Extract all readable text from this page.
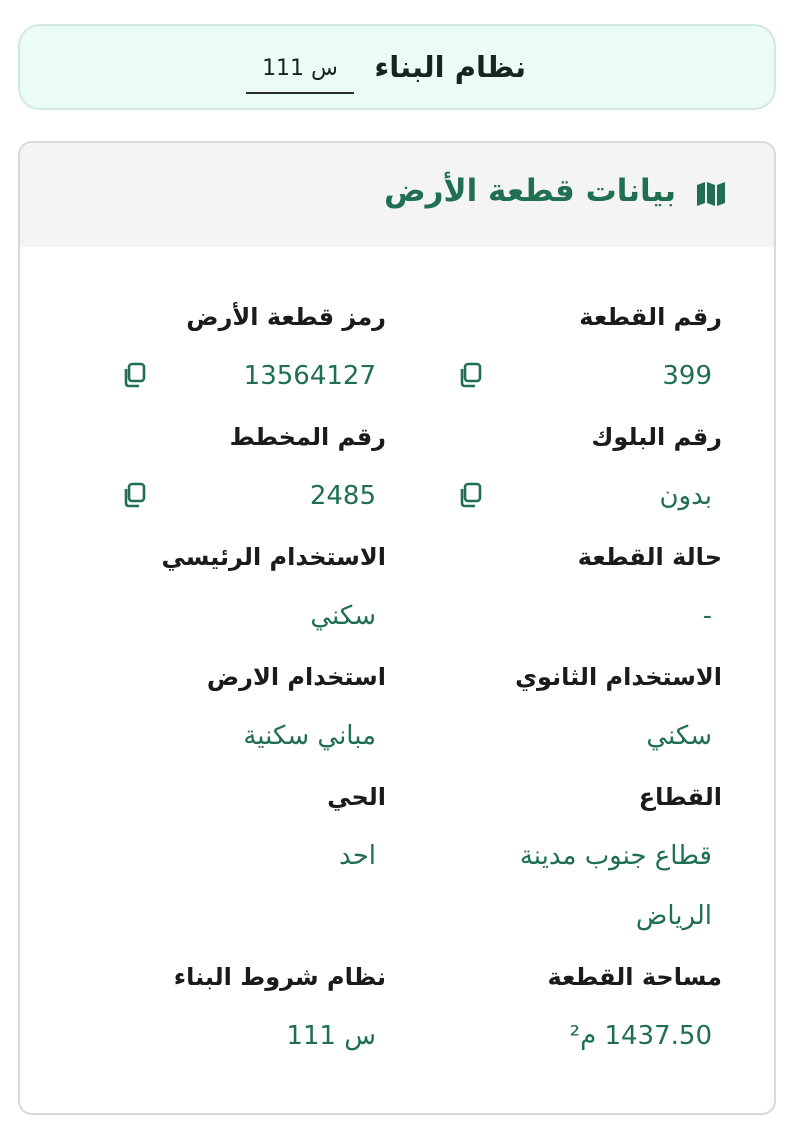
نظام البناء
س 111
بيانات قطعة الأرض
رقم القطعة
399
رمز قطعة الأرض
13564127
رقم البلوك
بدون
رقم المخطط
2485
حالة القطعة
-
الاستخدام الرئيسي
سكني
الاستخدام الثانوي
سكني
استخدام الارض
مباني سكنية
القطاع
قطاع جنوب مدينة
الرياض
الحي
احد
مساحة القطعة
1437.50 م²
نظام شروط البناء
س 111
